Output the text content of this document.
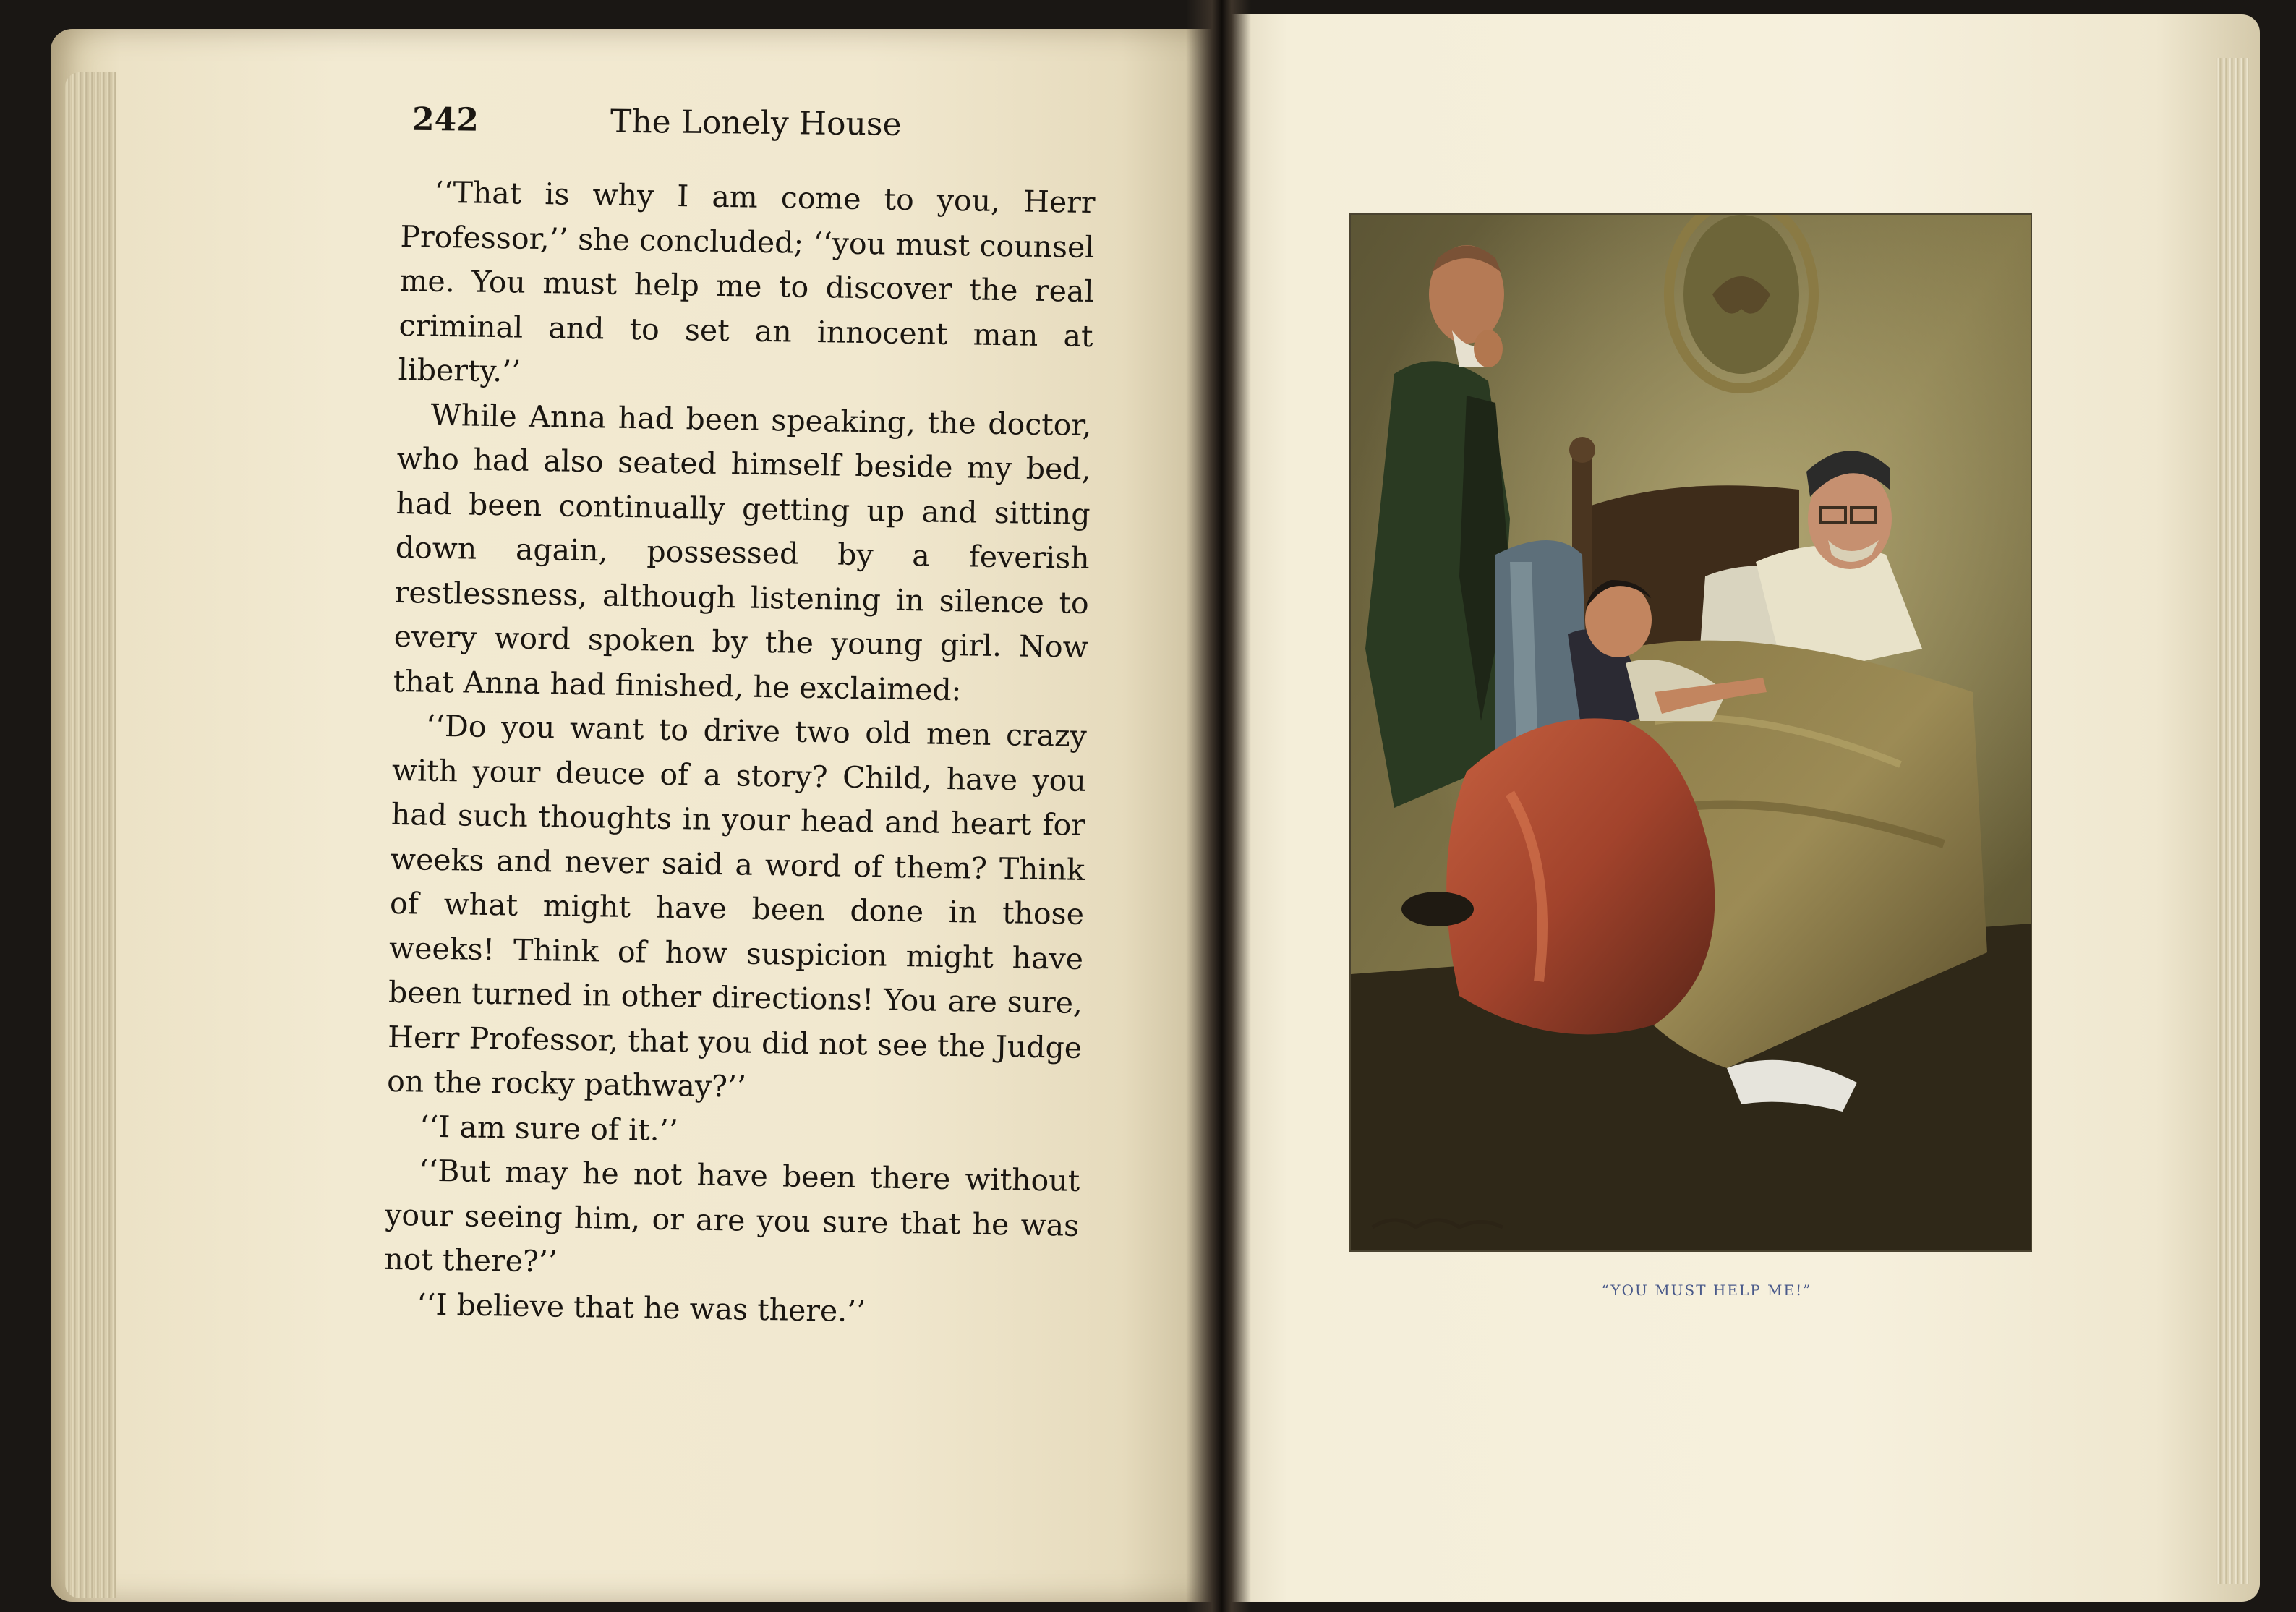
242	The Lonely House

‘‘That is why I am come to you, Herr Professor,’’ she concluded; ‘‘you must counsel me. You must help me to discover the real criminal and to set an innocent man at liberty.’’

While Anna had been speaking, the doctor, who had also seated himself beside my bed, had been continually getting up and sitting down again, possessed by a feverish restlessness, although listening in silence to every word spoken by the young girl. Now that Anna had finished, he exclaimed:

‘‘Do you want to drive two old men crazy with your deuce of a story? Child, have you had such thoughts in your head and heart for weeks and never said a word of them? Think of what might have been done in those weeks! Think of how suspicion might have been turned in other directions! You are sure, Herr Professor, that you did not see the Judge on the rocky pathway?’’

‘‘I am sure of it.’’

‘‘But may he not have been there without your seeing him, or are you sure that he was not there?’’

‘‘I believe that he was there.’’	“YOU MUST HELP ME!”
